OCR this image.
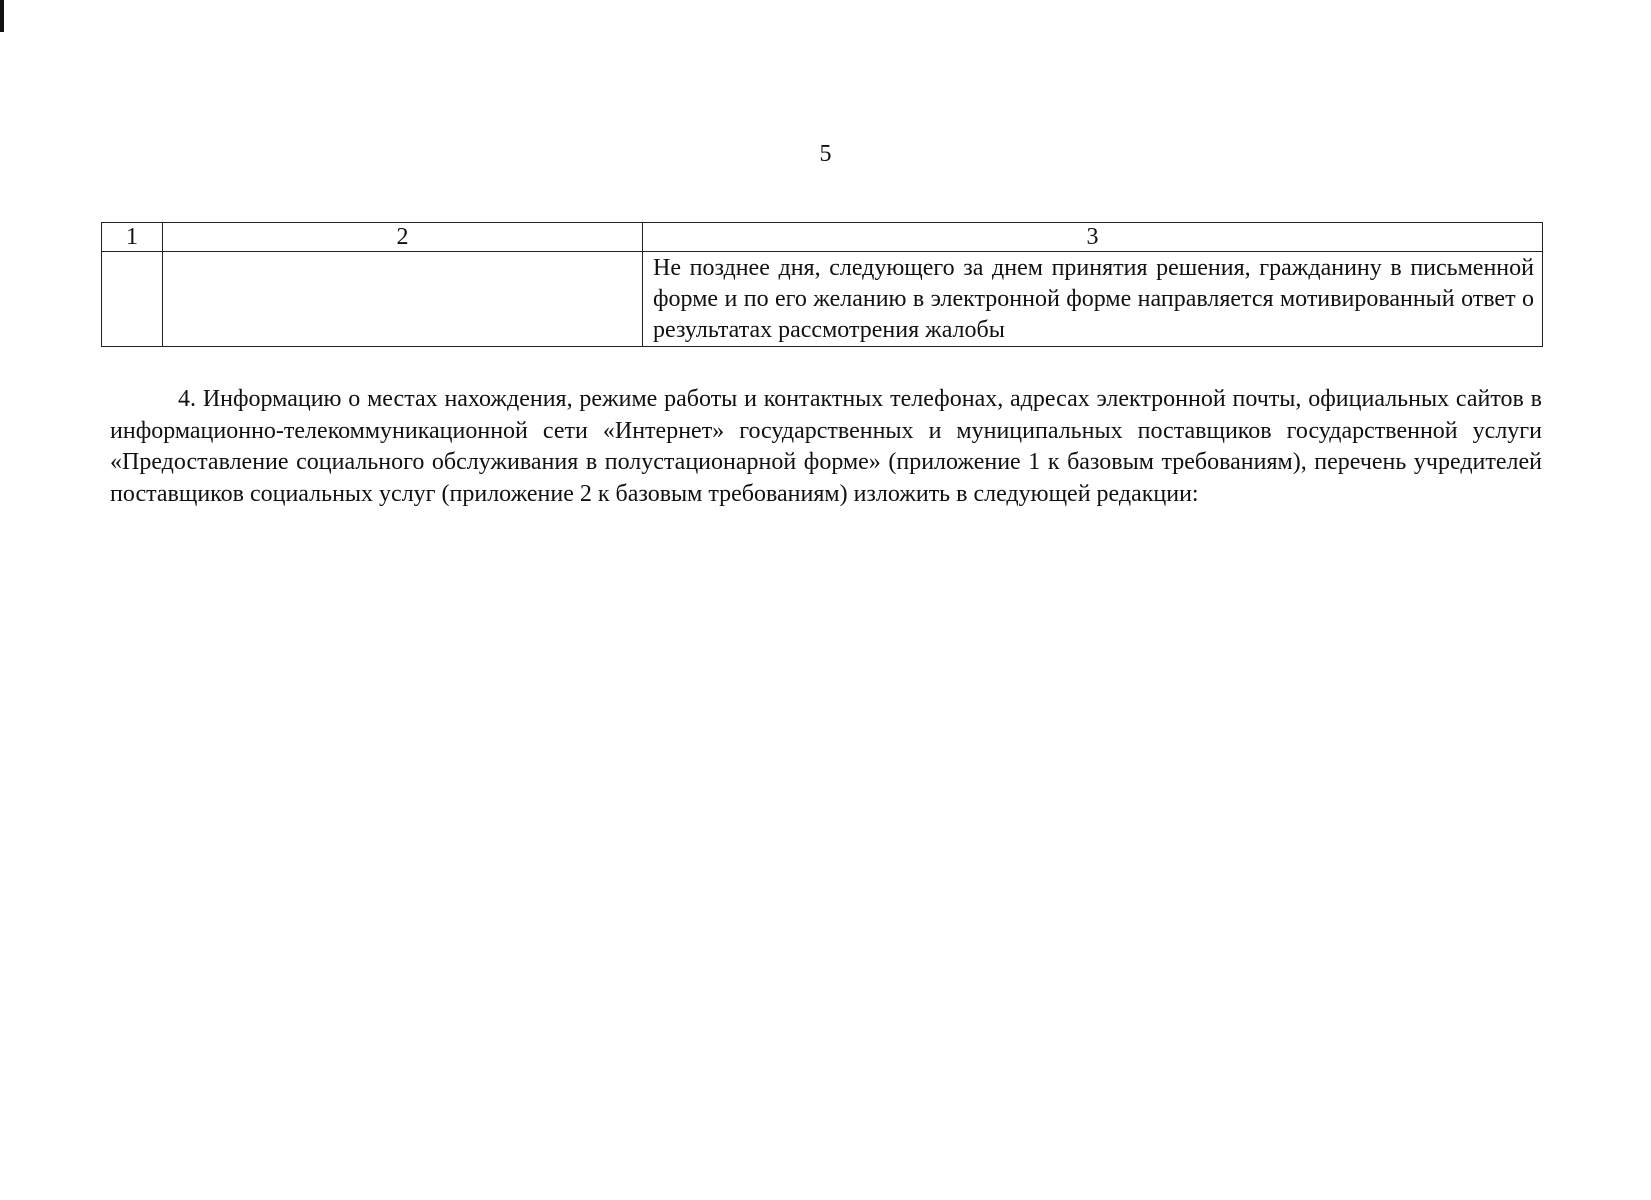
5
1	2	3
		Не позднее дня, следующего за днем принятия решения, гражданину в письменной форме и по его желанию в электронной форме направляется мотивированный ответ о результатах рассмотрения жалобы

4. Информацию о местах нахождения, режиме работы и контактных телефонах, адресах электронной почты, официальных сайтов в информационно-телекоммуникационной сети «Интернет» государственных и муниципальных поставщиков государственной услуги «Предоставление социального обслуживания в полустационарной форме» (приложение 1 к базовым требованиям), перечень учредителей поставщиков социальных услуг (приложение 2 к базовым требованиям) изложить в следующей редакции:
